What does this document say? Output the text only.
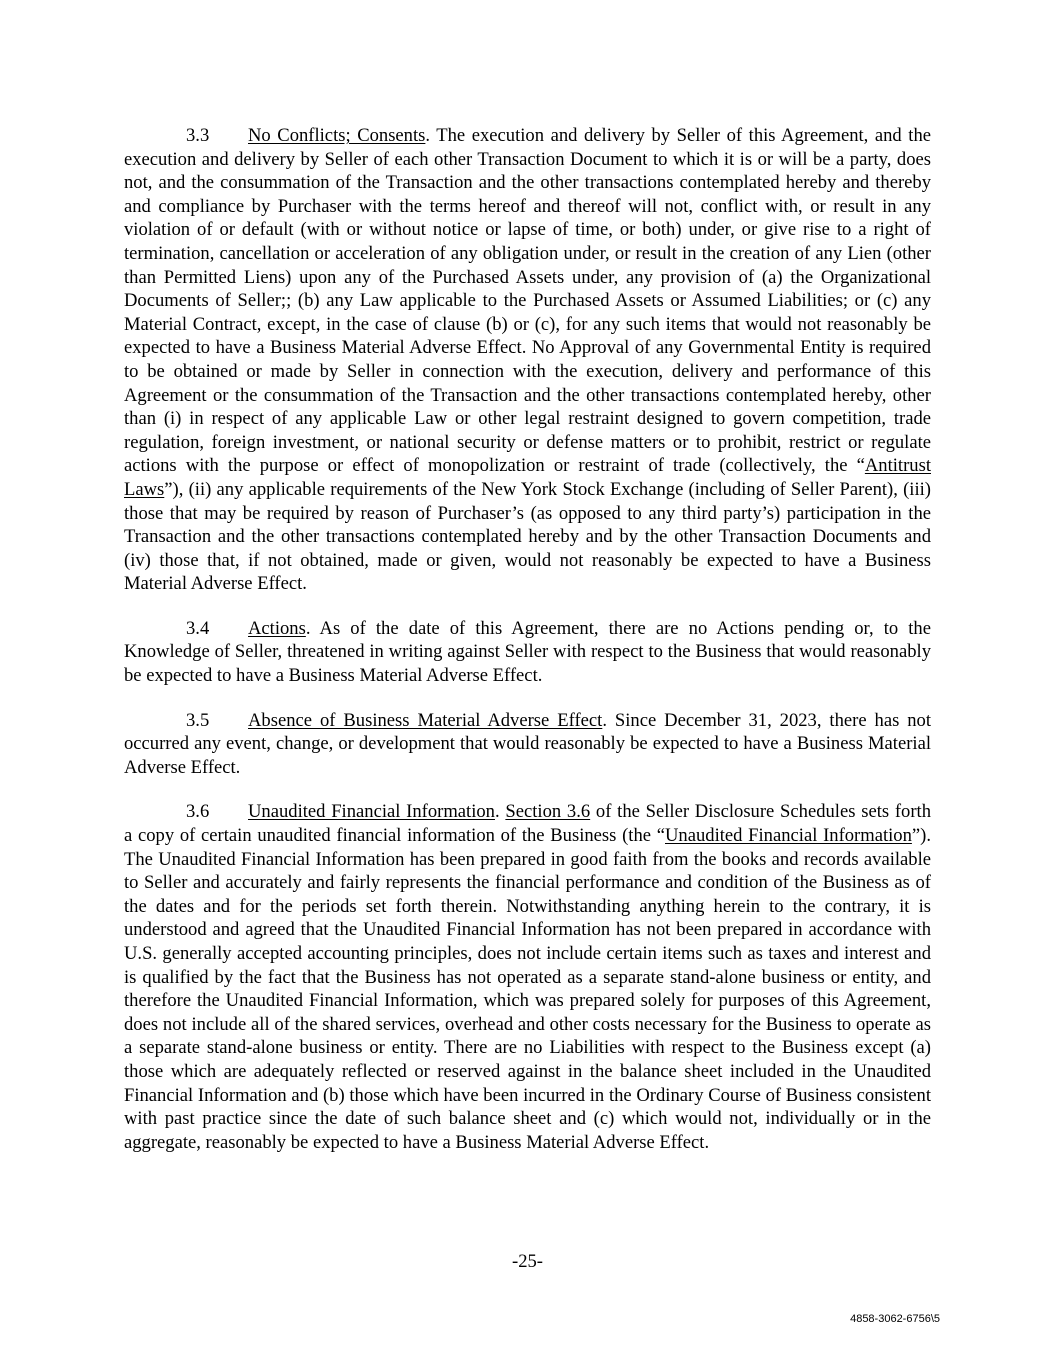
3.3 No Conflicts; Consents. The execution and delivery by Seller of this Agreement, and the execution and delivery by Seller of each other Transaction Document to which it is or will be a party, does not, and the consummation of the Transaction and the other transactions contemplated hereby and thereby and compliance by Purchaser with the terms hereof and thereof will not, conflict with, or result in any violation of or default (with or without notice or lapse of time, or both) under, or give rise to a right of termination, cancellation or acceleration of any obligation under, or result in the creation of any Lien (other than Permitted Liens) upon any of the Purchased Assets under, any provision of (a) the Organizational Documents of Seller;; (b) any Law applicable to the Purchased Assets or Assumed Liabilities; or (c) any Material Contract, except, in the case of clause (b) or (c), for any such items that would not reasonably be expected to have a Business Material Adverse Effect. No Approval of any Governmental Entity is required to be obtained or made by Seller in connection with the execution, delivery and performance of this Agreement or the consummation of the Transaction and the other transactions contemplated hereby, other than (i) in respect of any applicable Law or other legal restraint designed to govern competition, trade regulation, foreign investment, or national security or defense matters or to prohibit, restrict or regulate actions with the purpose or effect of monopolization or restraint of trade (collectively, the “Antitrust Laws”), (ii) any applicable requirements of the New York Stock Exchange (including of Seller Parent), (iii) those that may be required by reason of Purchaser’s (as opposed to any third party’s) participation in the Transaction and the other transactions contemplated hereby and by the other Transaction Documents and (iv) those that, if not obtained, made or given, would not reasonably be expected to have a Business Material Adverse Effect.

3.4 Actions. As of the date of this Agreement, there are no Actions pending or, to the Knowledge of Seller, threatened in writing against Seller with respect to the Business that would reasonably be expected to have a Business Material Adverse Effect.

3.5 Absence of Business Material Adverse Effect. Since December 31, 2023, there has not occurred any event, change, or development that would reasonably be expected to have a Business Material Adverse Effect.

3.6 Unaudited Financial Information. Section 3.6 of the Seller Disclosure Schedules sets forth a copy of certain unaudited financial information of the Business (the “Unaudited Financial Information”). The Unaudited Financial Information has been prepared in good faith from the books and records available to Seller and accurately and fairly represents the financial performance and condition of the Business as of the dates and for the periods set forth therein. Notwithstanding anything herein to the contrary, it is understood and agreed that the Unaudited Financial Information has not been prepared in accordance with U.S. generally accepted accounting principles, does not include certain items such as taxes and interest and is qualified by the fact that the Business has not operated as a separate stand-alone business or entity, and therefore the Unaudited Financial Information, which was prepared solely for purposes of this Agreement, does not include all of the shared services, overhead and other costs necessary for the Business to operate as a separate stand-alone business or entity. There are no Liabilities with respect to the Business except (a) those which are adequately reflected or reserved against in the balance sheet included in the Unaudited Financial Information and (b) those which have been incurred in the Ordinary Course of Business consistent with past practice since the date of such balance sheet and (c) which would not, individually or in the aggregate, reasonably be expected to have a Business Material Adverse Effect.

-25-
4858-3062-6756\5
